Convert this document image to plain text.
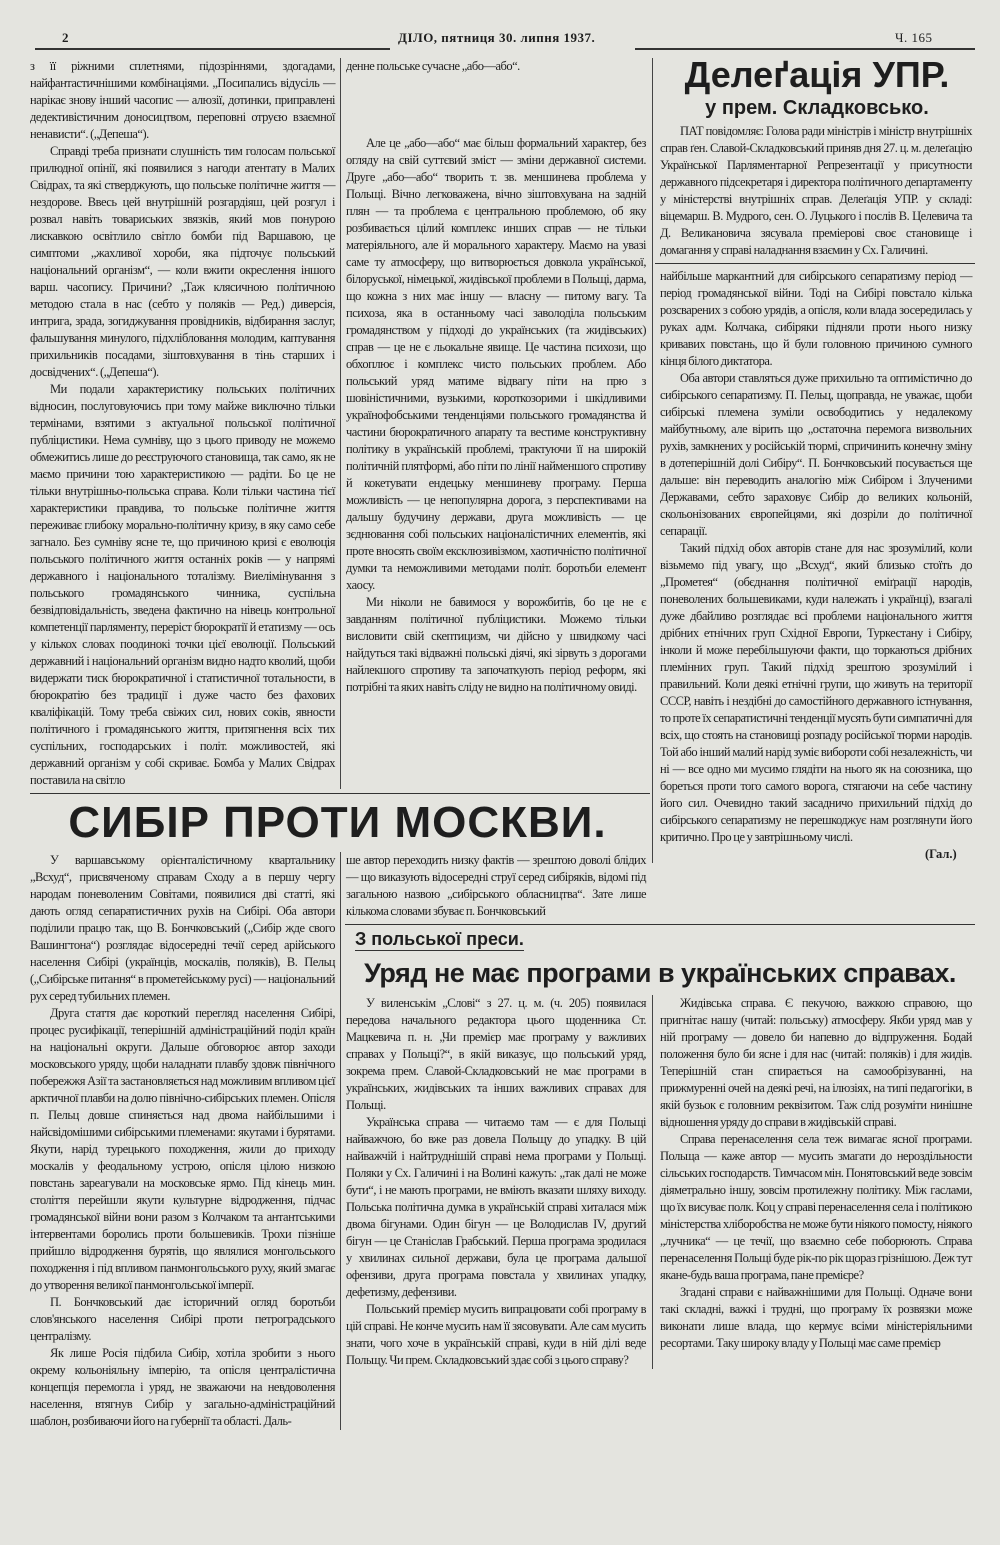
2	ДІЛО, пятниця 30. липня 1937.	Ч. 165

з її ріжними сплетнями, підозріннями, здогадами, найфантастичнішими комбінаціями. „Посипались відусіль — нарікає знову інший часопис — алюзії, дотинки, приправлені дедективістичним доносицтвом, переповні отруєю взаємної ненависти“. („Депеша“).

Справді треба признати слушність тим голосам польської прилюдної опінії, які появилися з нагоди атентату в Малих Свідрах, та які стверджують, що польське політичне життя — нездорове. Ввесь цей внутрішній розгардіяш, цей розгул і розвал навіть товариських звязків, який мов понурою лискавкою освітлило світло бомби під Варшавою, це симптоми „жахливої хороби, яка підточує польський національний організм“, — коли вжити окреслення іншого варш. часопису. Причини? „Таж клясичною політичною методою стала в нас (себто у поляків — Ред.) диверсія, интрига, зрада, зогиджування провідників, відбирання заслуг, фальшування минулого, підхлібловання молодим, каптування прихильників посадами, зіштовхування в тінь старших і досвідчених“. („Депеша“).

Ми подали характеристику польських політичних відносин, послуговуючись при тому майже виключно тільки термінами, взятими з актуальної польської політичної публіцистики. Нема сумніву, що з цього приводу не можемо обмежитись лише до реєструючого становища, так само, як не маємо причини тою характеристикою — радіти. Бо це не тільки внутрішньо-польська справа. Коли тільки частина тієї характеристики правдива, то польське політичне життя переживає глибоку морально-політичну кризу, в яку само себе загнало. Без сумніву ясне те, що причиною кризі є еволюція польського політичного життя останніх років — у напрямі державного і національного тоталізму. Виелімінування з польського громадянського чинника, суспільна безвідповідальність, зведена фактично на нівець контрольної компетенції парляменту, переріст бюрократії й етатизму — ось у кількох словах поодинокі точки цієї еволюції. Польський державний і національний організм видно надто кволий, щоби видержати тиск бюрократичної і статистичної тотальности, в бюрократію без традиції і дуже часто без фахових кваліфікацій. Тому треба свіжих сил, нових соків, явности політичного і громадянського життя, притягнення всіх тих суспільних, господарських і політ. можливостей, які державний організм у собі скриває. Бомба у Малих Свідрах поставила на світло

денне польське сучасне „або—або“.

Але це „або—або“ має більш формальний характер, без огляду на свій суттєвий зміст — зміни державної системи. Друге „або—або“ творить т. зв. меншинева проблема у Польщі. Вічно легковажена, вічно зіштовхувана на задній плян — та проблема є центральною проблемою, об яку розбивається цілий комплекс инших справ — не тільки матеріяльного, але й морального характеру. Маємо на увазі саме ту атмосферу, що витворюється довкола української, білоруської, німецької, жидівської проблеми в Польщі, дарма, що кожна з них має іншу — власну — питому вагу. Та психоза, яка в останньому часі заволоділа польським громадянством у підході до українських (та жидівських) справ — це не є льокальне явище. Це частина психози, що обхоплює і комплекс чисто польських проблем. Або польський уряд матиме відвагу піти на прю з шовіністичними, вузькими, короткозорими і шкідливими українофобськими тенденціями польського громадянства й частини бюрократичного апарату та вестиме конструктивну політику в українській проблемі, трактуючи її на широкій політичній плятформі, або піти по лінії найменшого спротиву й кокетувати ендецьку меншиневу програму. Перша можливість — це непопулярна дорога, з перспективами на дальшу будучину держави, друга можливість — це зєднювання собі польських націоналістичних елементів, які проте вносять своїм ексклюзивізмом, хаотичністю політичної думки та неможливими методами політ. боротьби елемент хаосу.

Ми ніколи не бавимося у ворожбитів, бо це не є завданням політичної публіцистики. Можемо тільки висловити свій скептицизм, чи дійсно у швидкому часі найдуться такі відважні польські діячі, які зірвуть з дорогами найлекшого спротиву та започаткують період реформ, які потрібні та яких навіть сліду не видно на політичному овиді.

Делеґація УПР.
у прем. Складковсько.

ПАТ повідомляє: Голова ради міністрів і міністр внутрішніх справ ґен. Славой-Складковський приняв дня 27. ц. м. делеґацію Української Парляментарної Репрезентації у присутности державного підсекретаря і директора політичного департаменту у міністерстві внутрішніх справ. Делеґація УПР. у складі: віцемарш. В. Мудрого, сен. О. Луцького і послів В. Целевича та Д. Великановича зясувала преміерові своє становище і домагання у справі наладнання взаємин у Сх. Галичині.

найбільше маркантний для сибірського сепаратизму період — період громадянської війни. Тоді на Сибірі повстало кілька розсварених з собою урядів, а опісля, коли влада зосередилась у руках адм. Колчака, сибіряки підняли проти нього низку кривавих повстань, що й були головною причиною сумного кінця білого диктатора.

Оба автори ставляться дуже прихильно та оптимістично до сибірського сепаратизму. П. Пельц, щоправда, не уважає, щоби сибірські племена зуміли освободитись у недалекому майбутньому, але вірить що „остаточна перемога визвольних рухів, замкнених у російській тюрмі, спричинить конечну зміну в дотеперішній долі Сибіру“. П. Бончковський посувається ще дальше: він переводить аналогію між Сибіром і Злученими Державами, себто зараховує Сибір до великих кольоній, скольонізованих європейцями, які дозріли до політичної сепарації.

Такий підхід обох авторів стане для нас зрозумілий, коли візьмемо під увагу, що „Всхуд“, який близько стоїть до „Прометея“ (обєднання політичної еміґрації народів, поневолених большевиками, куди належать і українці), взагалі дуже дбайливо розглядає всі проблеми національного життя дрібних етнічних груп Східної Европи, Туркестану і Сибіру, інколи й може перебільшуючи факти, що торкаються дрібних племінних груп. Такий підхід зрештою зрозумілий і правильний. Коли деякі етнічні групи, що живуть на території СССР, навіть і нездібні до самостійного державного істнування, то проте їх сепаратистичні тенденції мусять бути симпатичні для всіх, що стоять на становищі розпаду російської тюрми народів. Той або інший малий нарід зуміє вибороти собі незалежність, чи ні — все одно ми мусимо глядіти на нього як на союзника, що бореться проти того самого ворога, стягаючи на себе частину його сил. Очевидно такий засадничо прихильний підхід до сибірського сепаратизму не перешкоджує нам розглянути його критично. Про це у завтрішньому числі.

(Гал.)
СИБІР ПРОТИ МОСКВИ.

У варшавському орієнталістичному квартальнику „Всхуд“, присвяченому справам Сходу а в першу чергу народам поневоленим Совітами, появилися дві статті, які дають огляд сепаратистичних рухів на Сибірі. Оба автори поділили працю так, що В. Бончковський („Сибір жде свого Вашингтона“) розглядає відосередні течії серед арійського населення Сибірі (українців, москалів, поляків), В. Пельц („Сибірське питання“ в прометейському русі) — національний рух серед тубильних племен.

Друга стаття дає короткий перегляд населення Сибірі, процес русифікації, теперішній адміністраційний поділ країн на національні округи. Дальше обговорює автор заходи московського уряду, щоби наладнати плавбу здовж північного побережжя Азії та застановляється над можливим впливом цієї арктичної плавби на долю північно-сибірських племен. Опісля п. Пельц довше спиняється над двома найбільшими і найсвідомішими сибірськими племенами: якутами і бурятами. Якути, нарід турецького походження, жили до приходу москалів у феодальному устрою, опісля цілою низкою повстань зареагували на московське ярмо. Під кінець мин. століття перейшли якути культурне відродження, підчас громадянської війни вони разом з Колчаком та антантськими інтервентами боролись проти большевиків. Трохи пізніше прийшло відродження бурятів, що являлися монгольського походження і під впливом панмонгольського руху, який змагає до утворення великої панмонгольської імперії.

П. Бончковський дає історичний огляд боротьби слов'янського населення Сибірі проти петроградського централізму.

Як лише Росія підбила Сибір, хотіла зробити з нього окрему кольоніяльну імперію, та опісля централістична концепція перемогла і уряд, не зважаючи на невдоволення населення, втягнув Сибір у загально-адміністраційний шаблон, розбиваючи його на губернії та області. Даль-

ше автор переходить низку фактів — зрештою доволі блідих — що виказують відосередні струї серед сибіряків, відомі під загальною назвою „сибірського обласництва“. Зате лише кількома словами збуває п. Бончковський

З польської преси.
Уряд не має програми в українських справах.

У виленськім „Слові“ з 27. ц. м. (ч. 205) появилася передова начального редактора цього щоденника Ст. Мацкевича п. н. „Чи премієр має програму у важливих справах у Польщі?“, в якій виказує, що польський уряд, зокрема прем. Славой-Складковський не має програми в українських, жидівських та інших важливих справах для Польщі.

Українська справа — читаємо там — є для Польщі найважчою, бо вже раз довела Польщу до упадку. В цій найважчій і найтруднішій справі нема програми у Польщі. Поляки у Сх. Галичині і на Волині кажуть: „так далі не може бути“, і не мають програми, не вміють вказати шляху виходу. Польська політична думка в українській справі хиталася між двома бігунами. Один бігун — це Володислав IV, другий бігун — це Станіслав Грабський. Перша програма зродилася у хвилинах сильної держави, була це програма дальшої офензиви, друга програма повстала у хвилинах упадку, дефетизму, дефензиви.

Польський премієр мусить випрацювати собі програму в цій справі. Не конче мусить нам її зясовувати. Але сам мусить знати, чого хоче в українській справі, куди в ній ділі веде Польщу. Чи прем. Складковський здає собі з цього справу?

Жидівська справа. Є пекучою, важкою справою, що пригнітає нашу (читай: польську) атмосферу. Якби уряд мав у ній програму — довело би напевно до відпруження. Бодай положення було би ясне і для нас (читай: поляків) і для жидів. Теперішній стан спирається на самообрізуванні, на прижмуренні очей на деякі речі, на ілюзіях, на типі педагогіки, в якій бузьок є головним реквізитом. Таж слід розуміти нинішне відношення уряду до справи в жидівській справі.

Справа перенаселення села теж вимагає ясної програми. Польща — каже автор — мусить змагати до нероздільности сільських господарств. Тимчасом мін. Понятовський веде зовсім діяметрально іншу, зовсім протилежну політику. Між гаслами, що їх висуває полк. Коц у справі перенаселення села і політикою міністерства хліборобства не може бути ніякого помосту, ніякого „лучника“ — це течії, що взаємно себе поборюють. Справа перенаселення Польщі буде рік-по рік щораз грізнішою. Деж тут якане-будь ваша програма, пане премієре?

Згадані справи є найважнішими для Польщі. Одначе вони такі складні, важкі і трудні, що програму їх розвязки може виконати лише влада, що кермує всіми міністеріяльними ресортами. Таку широку владу у Польщі має саме премієр
